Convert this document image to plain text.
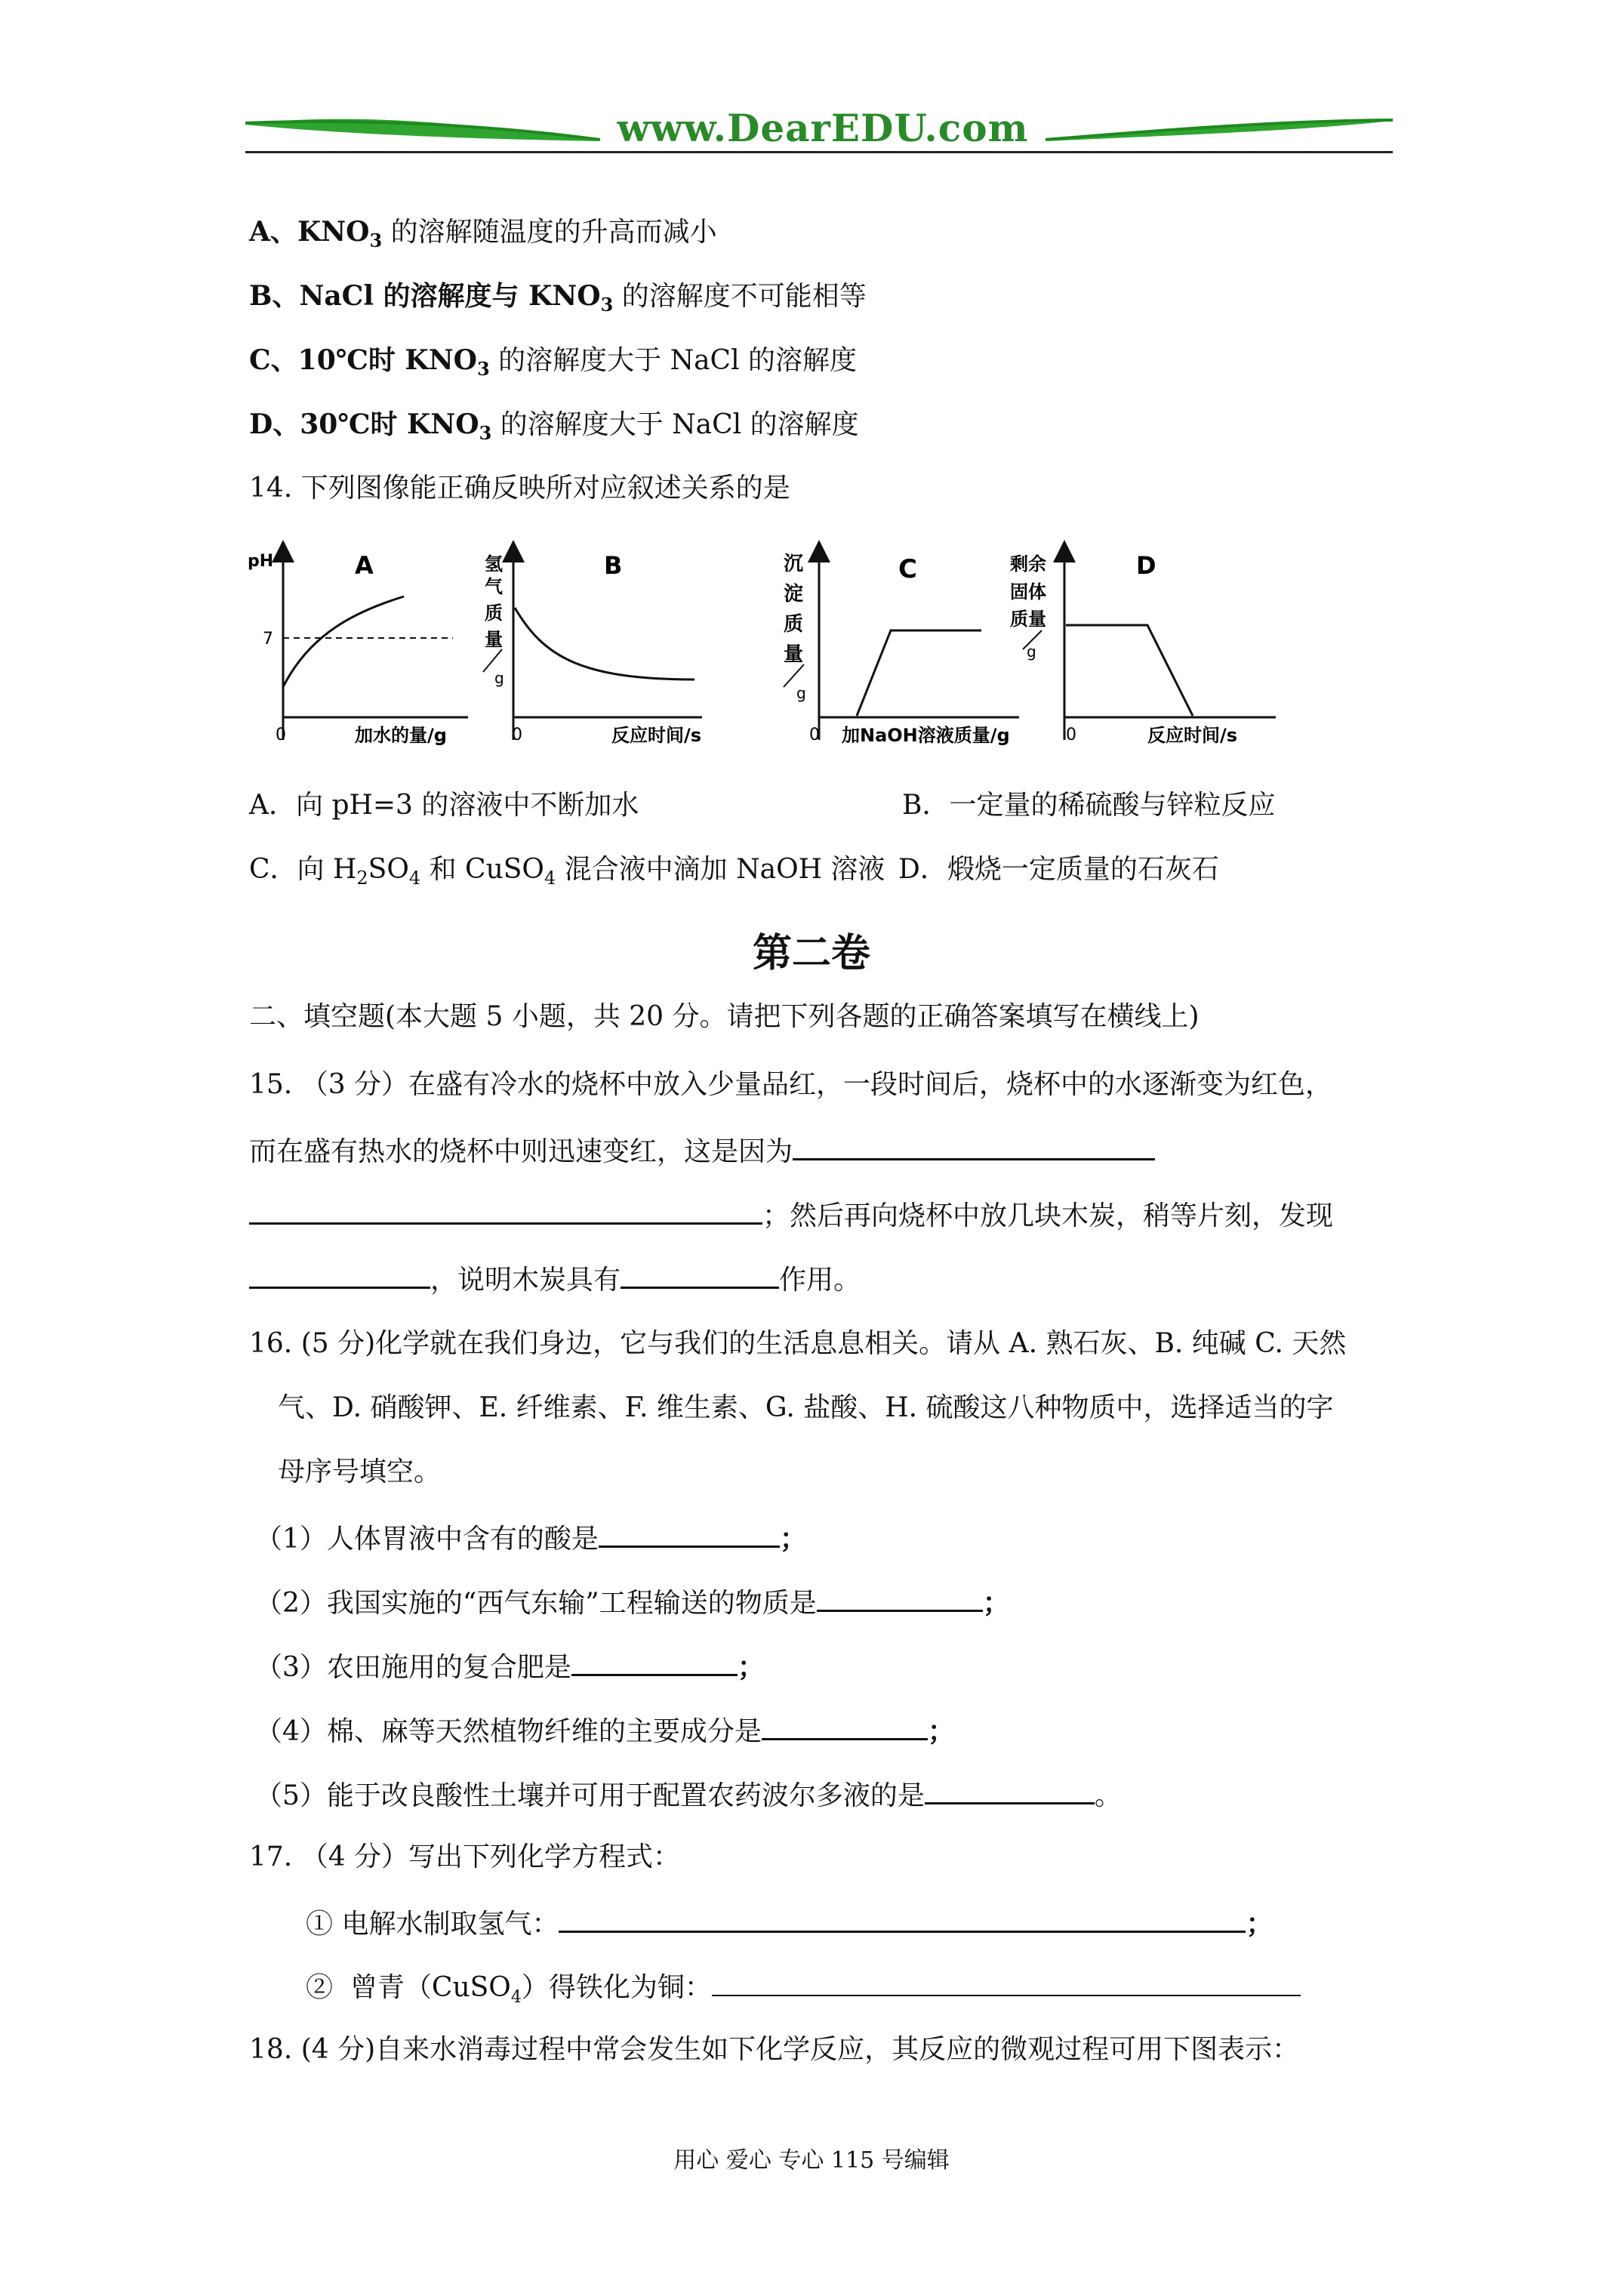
www.DearEDU.com
A、$KNO_3$ 的溶解随温度的升高而减小
B、NaCl 的溶解度与 $KNO_3$ 的溶解度不可能相等
C、10℃时 $KNO_3$ 的溶解度大于 NaCl 的溶解度
D、30℃时 $KNO_3$ 的溶解度大于 NaCl 的溶解度
14. 下列图像能正确反映所对应叙述关系的是
pH	A
7
0	加水的量/g
氢
气
质
量
g
B
0	反应时间/s
沉
淀
质
量
g
C
0 加NaOH溶液质量/g
剩余
固体
质量
g
D
0	反应时间/s
A．向 pH=3 的溶液中不断加水	B．一定量的稀硫酸与锌粒反应
C．向 $H_2SO_4$ 和 CuSO$_4$ 混合液中滴加 NaOH 溶液 D．煅烧一定质量的石灰石
第二卷
二、填空题(本大题 5 小题，共 20 分。请把下列各题的正确答案填写在横线上)
15. （3 分）在盛有冷水的烧杯中放入少量品红，一段时间后，烧杯中的水逐渐变为红色，
而在盛有热水的烧杯中则迅速变红，这是因为
；然后再向烧杯中放几块木炭，稍等片刻，发现
，说明木炭具有	作用。
16. (5 分)化学就在我们身边，它与我们的生活息息相关。请从 A. 熟石灰、B. 纯碱 C. 天然
气、D. 硝酸钾、E. 纤维素、F. 维生素、G. 盐酸、H. 硫酸这八种物质中，选择适当的字
母序号填空。
（1）人体胃液中含有的酸是	；
（2）我国实施的“西气东输”工程输送的物质是	；
（3）农田施用的复合肥是	；
（4）棉、麻等天然植物纤维的主要成分是	；
（5）能于改良酸性土壤并可用于配置农药波尔多液的是	。
17. （4 分）写出下列化学方程式：
① 电解水制取氢气：	；
② 曾青（CuSO$_4$）得铁化为铜：
18. (4 分)自来水消毒过程中常会发生如下化学反应，其反应的微观过程可用下图表示：
用心 爱心 专心 115 号编辑
